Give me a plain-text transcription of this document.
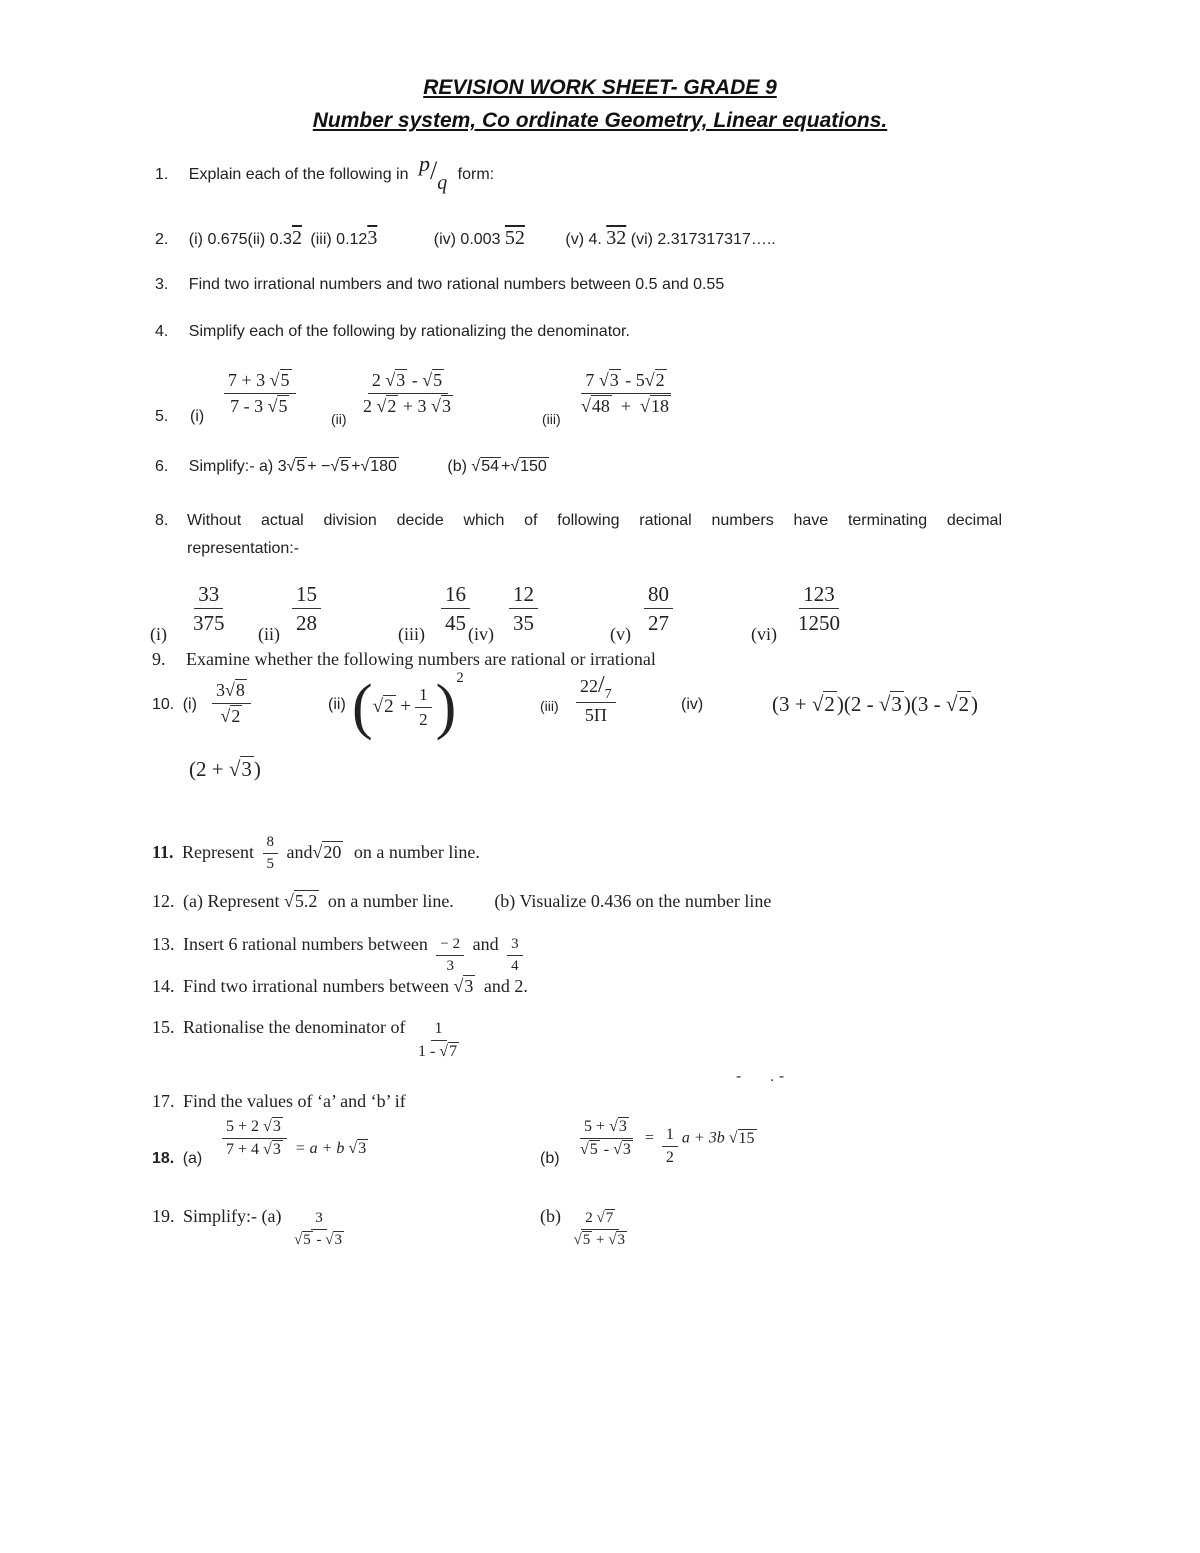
REVISION WORK SHEET- GRADE 9
Number system, Co ordinate Geometry, Linear equations.
1. Explain each of the following in p/q form:
2. (i) 0.675(ii) 0.32 (iii) 0.123	(iv) 0.003 52	(v) 4. 32 (vi) 2.317317317…..
3. Find two irrational numbers and two rational numbers between 0.5 and 0.55
4. Simplify each of the following by rationalizing the denominator.
5. (i)
$\frac{7 + 3 √5}{7 - 3 √5}$
(ii)
$\frac{2 √3 - √5}{2 √2 + 3 √3}$
(iii)
$\frac{7 √3 - 5√2}{√48 + √18}$
6. Simplify:- a) 3√5 + −√5 +√180	(b) √54 +√150
8. Without actual division decide which of following rational numbers have terminating decimal
representation:-
$(i) \frac{33}{375} (ii) \frac{15}{28}$	$(iii) \frac{16}{45}$
$(iv) \frac{12}{35}$	$(v) \frac{80}{27}$	$(vi) \frac{123}{1250}$
9. Examine whether the following numbers are rational or irrational
10. $(i) \frac{3√8}{√2}$	(ii) $(√2 + \frac{1}{2} )^2$
$(iii) \frac{22/_7}{5\Pi}$	(iv)	(3 + √2)(2 - √3)(3 - √2)
(2 + √3)
11. Represent $\frac{8}{5} and√20$ on a number line.
12. (a) Represent √5.2 on a number line. (b) Visualize 0.436 on the number line
13. Insert 6 rational numbers between $\frac{- 2}{3}$ and $\frac{3}{4}$
14. Find two irrational numbers between √3 and 2.
15. Rationalise the denominator of $\frac{1}{1 - √7}$
- . -
17. Find the values of ‘a’ and ‘b’ if
18. $(a) \frac{5 + 2 √3}{7 + 4 √3} = a + b$ √3
$(b) \frac{5 + √3}{√5 - √3} = \frac{1}{2}$ a + 3b √15
19. Simplify:- $(a) \frac{3}{√5 - √3}$	$(b) \frac{2 √7}{√5 + √3}$
